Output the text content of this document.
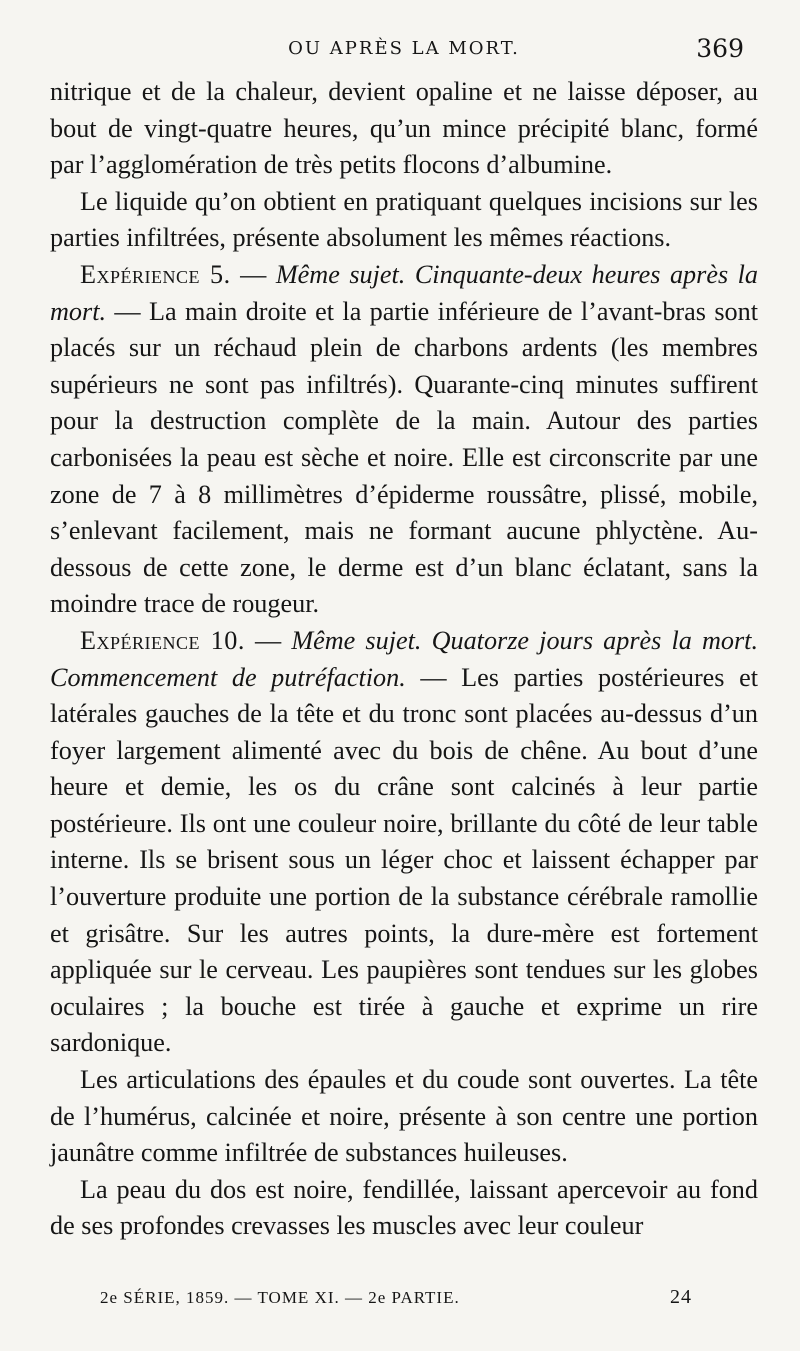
OU APRÈS LA MORT.	369

nitrique et de la chaleur, devient opaline et ne laisse déposer, au bout de vingt-quatre heures, qu’un mince précipité blanc, formé par l’agglomération de très petits flocons d’albumine.

Le liquide qu’on obtient en pratiquant quelques incisions sur les parties infiltrées, présente absolument les mêmes réactions.

Expérience 5. — Même sujet. Cinquante-deux heures après la mort. — La main droite et la partie inférieure de l’avant-bras sont placés sur un réchaud plein de charbons ardents (les membres supérieurs ne sont pas infiltrés). Quarante-cinq minutes suffirent pour la destruction complète de la main. Autour des parties carbonisées la peau est sèche et noire. Elle est circonscrite par une zone de 7 à 8 millimètres d’épiderme roussâtre, plissé, mobile, s’enlevant facilement, mais ne formant aucune phlyctène. Au-dessous de cette zone, le derme est d’un blanc éclatant, sans la moindre trace de rougeur.

Expérience 10. — Même sujet. Quatorze jours après la mort. Commencement de putréfaction. — Les parties postérieures et latérales gauches de la tête et du tronc sont placées au-dessus d’un foyer largement alimenté avec du bois de chêne. Au bout d’une heure et demie, les os du crâne sont calcinés à leur partie postérieure. Ils ont une couleur noire, brillante du côté de leur table interne. Ils se brisent sous un léger choc et laissent échapper par l’ouverture produite une portion de la substance cérébrale ramollie et grisâtre. Sur les autres points, la dure-mère est fortement appliquée sur le cerveau. Les paupières sont tendues sur les globes oculaires ; la bouche est tirée à gauche et exprime un rire sardonique.

Les articulations des épaules et du coude sont ouvertes. La tête de l’humérus, calcinée et noire, présente à son centre une portion jaunâtre comme infiltrée de substances huileuses.

La peau du dos est noire, fendillée, laissant apercevoir au fond de ses profondes crevasses les muscles avec leur couleur

2e SÉRIE, 1859. — TOME XI. — 2e PARTIE.	24
